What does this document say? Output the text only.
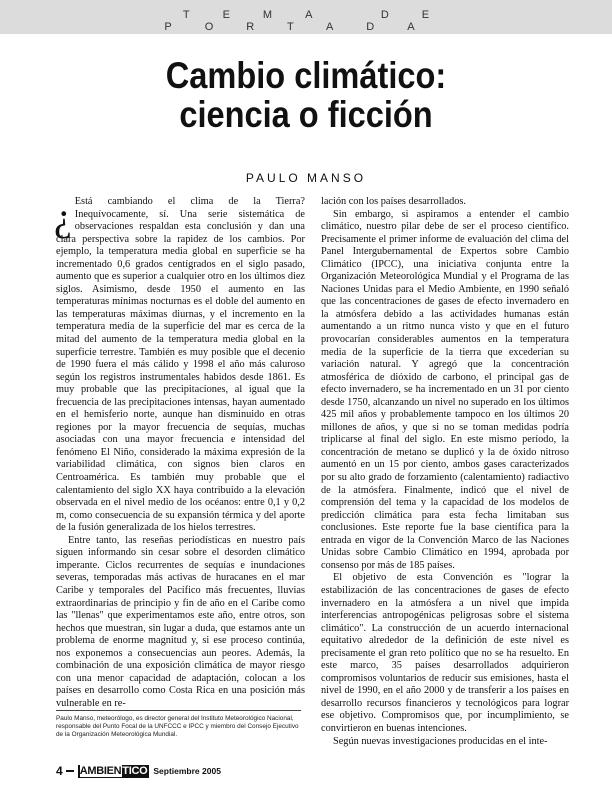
TEMA DE PORTADA
Cambio climático:
ciencia o ficción
PAULO MANSO

¿ Está cambiando el clima de la Tierra? Inequívocamente, sí. Una serie sistemática de observaciones respaldan esta conclusión y dan una clara perspectiva sobre la rapidez de los cambios. Por ejemplo, la temperatura media global en superficie se ha incrementado 0,6 grados centígrados en el siglo pasado, aumento que es superior a cualquier otro en los últimos diez siglos. Asimismo, desde 1950 el aumento en las temperaturas mínimas nocturnas es el doble del aumento en las temperaturas máximas diurnas, y el incremento en la temperatura media de la superficie del mar es cerca de la mitad del aumento de la temperatura media global en la superficie terrestre. También es muy posible que el decenio de 1990 fuera el más cálido y 1998 el año más caluroso según los registros instrumentales habidos desde 1861. Es muy probable que las precipitaciones, al igual que la frecuencia de las precipitaciones intensas, hayan aumentado en el hemisferio norte, aunque han disminuido en otras regiones por la mayor frecuencia de sequías, muchas asociadas con una mayor frecuencia e intensidad del fenómeno El Niño, considerado la máxima expresión de la variabilidad climática, con signos bien claros en Centroamérica. Es también muy probable que el calentamiento del siglo XX haya contribuido a la elevación observada en el nivel medio de los océanos: entre 0,1 y 0,2 m, como consecuencia de su expansión térmica y del aporte de la fusión generalizada de los hielos terrestres.

Entre tanto, las reseñas periodísticas en nuestro país siguen informando sin cesar sobre el desorden climático imperante. Ciclos recurrentes de sequías e inundaciones severas, temporadas más activas de huracanes en el mar Caribe y temporales del Pacífico más frecuentes, lluvias extraordinarias de principio y fin de año en el Caribe como las "llenas" que experimentamos este año, entre otros, son hechos que muestran, sin lugar a duda, que estamos ante un problema de enorme magnitud y, si ese proceso continúa, nos exponemos a consecuencias aun peores. Además, la combinación de una exposición climática de mayor riesgo con una menor capacidad de adaptación, colocan a los países en desarrollo como Costa Rica en una posición más vulnerable en re-

lación con los países desarrollados.

Sin embargo, si aspiramos a entender el cambio climático, nuestro pilar debe de ser el proceso científico. Precisamente el primer informe de evaluación del clima del Panel Intergubernamental de Expertos sobre Cambio Climático (IPCC), una iniciativa conjunta entre la Organización Meteorológica Mundial y el Programa de las Naciones Unidas para el Medio Ambiente, en 1990 señaló que las concentraciones de gases de efecto invernadero en la atmósfera debido a las actividades humanas están aumentando a un ritmo nunca visto y que en el futuro provocarían considerables aumentos en la temperatura media de la superficie de la tierra que excederían su variación natural. Y agregó que la concentración atmosférica de dióxido de carbono, el principal gas de efecto invernadero, se ha incrementado en un 31 por ciento desde 1750, alcanzando un nivel no superado en los últimos 425 mil años y probablemente tampoco en los últimos 20 millones de años, y que si no se toman medidas podría triplicarse al final del siglo. En este mismo período, la concentración de metano se duplicó y la de óxido nitroso aumentó en un 15 por ciento, ambos gases caracterizados por su alto grado de forzamiento (calentamiento) radiactivo de la atmósfera. Finalmente, indicó que el nivel de comprensión del tema y la capacidad de los modelos de predicción climática para esta fecha limitaban sus conclusiones. Este reporte fue la base científica para la entrada en vigor de la Convención Marco de las Naciones Unidas sobre Cambio Climático en 1994, aprobada por consenso por más de 185 países.

El objetivo de esta Convención es "lograr la estabilización de las concentraciones de gases de efecto invernadero en la atmósfera a un nivel que impida interferencias antropogénicas peligrosas sobre el sistema climático". La construcción de un acuerdo internacional equitativo alrededor de la definición de este nivel es precisamente el gran reto político que no se ha resuelto. En este marco, 35 países desarrollados adquirieron compromisos voluntarios de reducir sus emisiones, hasta el nivel de 1990, en el año 2000 y de transferir a los países en desarrollo recursos financieros y tecnológicos para lograr ese objetivo. Compromisos que, por incumplimiento, se convirtieron en buenas intenciones.

Según nuevas investigaciones producidas en el inte-

Paulo Manso, meteorólogo, es director general del Instituto Meteorológico Nacional, responsable del Punto Focal de la UNFCCC e IPCC y miembro del Consejo Ejecutivo de la Organización Meteorológica Mundial.
4 AMBIENTICO Septiembre 2005
